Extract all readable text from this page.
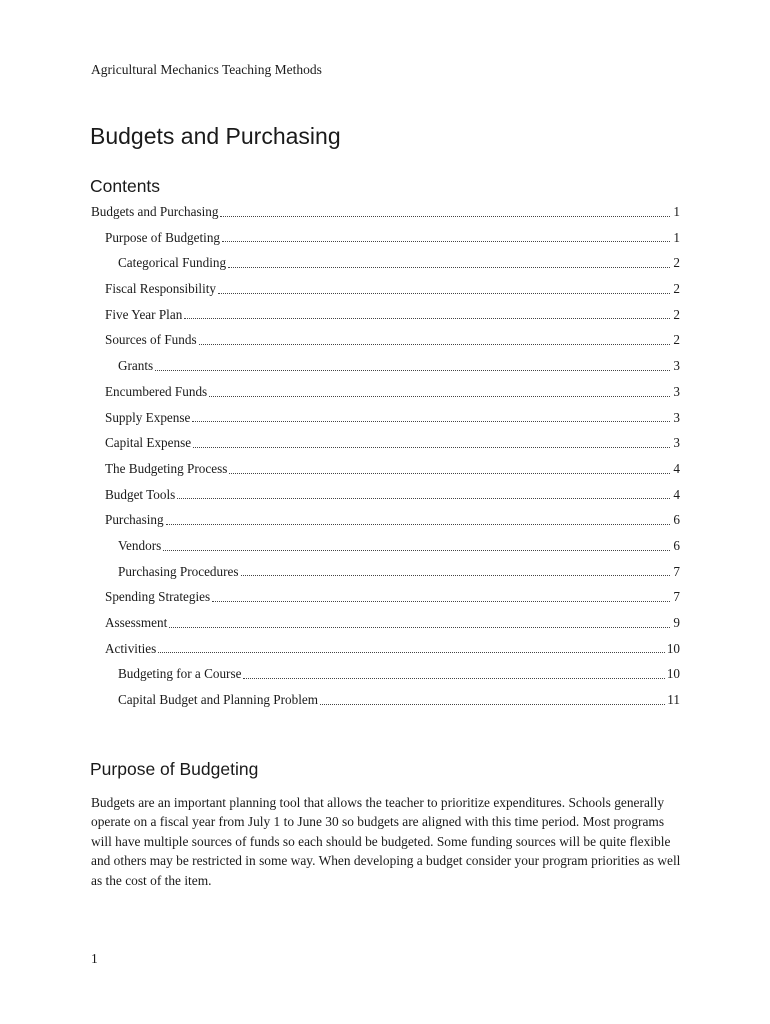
Agricultural Mechanics Teaching Methods
Budgets and Purchasing
Contents
Budgets and Purchasing	1
Purpose of Budgeting	1
Categorical Funding	2
Fiscal Responsibility	2
Five Year Plan	2
Sources of Funds	2
Grants	3
Encumbered Funds	3
Supply Expense	3
Capital Expense	3
The Budgeting Process	4
Budget Tools	4
Purchasing	6
Vendors	6
Purchasing Procedures	7
Spending Strategies	7
Assessment	9
Activities	10
Budgeting for a Course	10
Capital Budget and Planning Problem	11
Purpose of Budgeting

Budgets are an important planning tool that allows the teacher to prioritize expenditures. Schools generally operate on a fiscal year from July 1 to June 30 so budgets are aligned with this time period. Most programs will have multiple sources of funds so each should be budgeted. Some funding sources will be quite flexible and others may be restricted in some way. When developing a budget consider your program priorities as well as the cost of the item.

1
